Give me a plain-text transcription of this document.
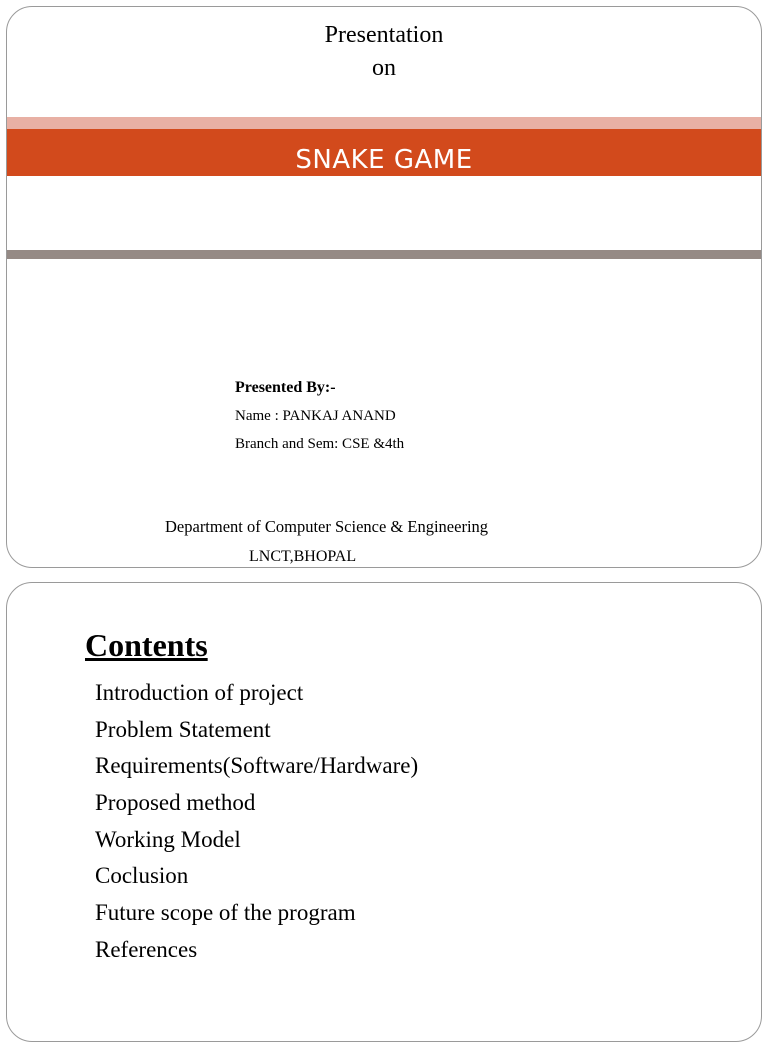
Presentation
on
SNAKE GAME
Presented By:-
Name : PANKAJ ANAND
Branch and Sem: CSE &4th
Department of Computer Science & Engineering
LNCT,BHOPAL
Contents
Introduction of project
Problem Statement
Requirements(Software/Hardware)
Proposed method
Working Model
Coclusion
Future scope of the program
References
